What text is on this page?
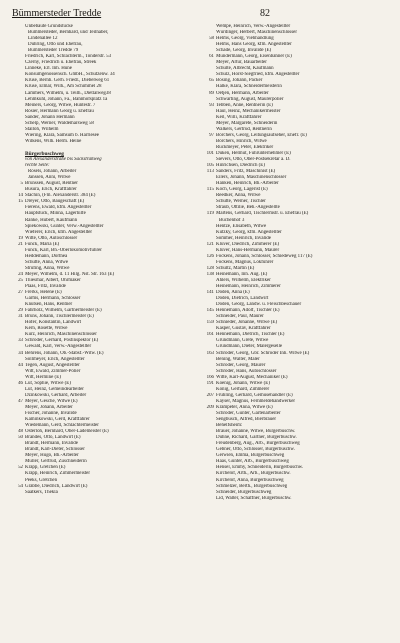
Bümmersteder Tredde	82
Unbebaute Grundstücke
Bümmersteder, Bernhard, und Teilhaber,
Lindenallee 12
Dühring, Otto und Ehefrau,
Bümmersteder Tredde 79
Friedrich, Karl, Schlachterm., Tonderstr. 53
Czerny, Friedrich u. Ehefrau, Streek
Linneke, Erl. Inh. Hüne
Konsumgenossensch. GmbH., Schützenw. 34
Kruse, Bernh. Gerh. Friedr., Diebelweg 61
Kruse, Elmar, Wilh., Am Schimmel 28
Lammers, Wilhelm, u. Teilh., Dietlalweg38
Lehmkuhl, Johann, Fa., Bahnhofsplatz 1a
Meiners, Georg, Witwe, Huntestr. 7
Rosier, Hermann Georg u. Ehefrau
Sander, Johann Hermann
Schelp, Werner, Waldemarsweg 58
Stalloh, Wilhelm
Wiering, Klara, Samsum b. Harriesee
Wilkens, Wilh. Herm. Heine
Bürgerbuschweg
von Alexanderstraße bis Sackstraßweg
rechte Seite:
Rösels, Johann, Arbeiter
Janssen, Anni, Witwe
5 Brunssen, August, Rentner
Busura, Erich, Kraftfahrer
14 Stachin, (Fm. Alexanderstr. 384 (E)
15 Dreyer, Otto, Baugeschäft (E)
Fierens, Ewald, kfm. Angestellter
Hauptstück, Minna, Lagerhilfe
Ranke, Hubert, Kaufmann
Spiekowski, Günter, Verw.-Angestellter
Wieferer, Erich, kfm. Angestellter
19 Witte, Otto, Autoschlosser
21 Funck, Maria (E)
Funck, Karl, Bh.-Oberlokomotivführer
Heddemann, Dorthea
Schutte, Anna, Witwe
Strüfing, Anna, Witwe
24 Meyer, Wilhelm, d. 11 Hilg. Nst. Str. 163 (E)
25 Thiesmar, Albert, Ohrmaker
Plaas, Fritz, Invalide
27 Frerks, Helene (E)
Garms, Hermann, Schlosser
Knutsen, Hans, Rentner
29 Fahrholz, Wilhelm, Gärtnermeister (E)
31 Bruns, Johann, Tischlermeister (E)
Hofer, Konstantin, Landwirt
Kern, Rosette, Witwe
Kurz, Heinrich, Maschinenschlosser
33 Schröder, Gerhard, Postinspektor (E)
Gewald, Karl, Verw.-Angestellter
34 Behrens, Johann, Ob.-Stabsf.-Witw. (E)
Sollmeyer, Erich, Angestellter
44 Tegen, August, Angestellter
Witt, Ewald, Zimmer-Polier
Witt, Hermine (E)
46 Lüt, Sophie, Witwe (E)
Lüt, Heinz, Gemeindearbeiter
Dzinkowski, Gerhard, Arbeiter
47 Meyer, Gesche, Witwe (E)
Meyer, Johann, Arbeiter
Fischer, Johanne, Invalide
Kamińkowski, Gerd, Kraftfahrer
Wiedemann, Gerd, Schlachtermeister
48 Osterloh, Bernhard, Ober-Lademeister (E)
50 Brandes, Otto, Landwirt (E)
Brandt, Hermann, Invalide
Brandt, Karl-Dieter, Schlosser
Meyer, Hugo, Bh.-Arbeiter
Müller, Gertrud, Zuschneiderin
52 Krapp, Gretchen (E)
Krapp, Heinrich, Zimmermeister
Peeks, Gretchen
54 Grabbe, Diedrich, Landwirt (E)
Saatkers, Thekla
Wempe, Heinrich, Verw.-Angestellter
Würdinger, Herbert, Maschinenschlosser
58 Helms, Georg, Viehhandlung
Helms, Hans Georg, kfm. Angestellter
Schade, Georg, Invalide (E)
61 Mundermann, Georg, Eisenbahner (E)
Meyer, Artur, Bauarbeiter
Schulte, Albrecht, Kaufmann
Schulz, Horst-Siegfried, kfm. Angestellter
65 Bösing, Johann, Packer
Hälke, Klara, Schneidermeisterin
89 Oetjen, Hermann, Arbeiter
Schwarting, August, Maurerpolier
93 Tebben, Anne, Rentnerin (E)
Haul, Heinz, Mechanikermeister
Keil, Willi, Kraftfahrer
Meyer, Margarete, Schneiderin
Walkers, Gertrud, Rentnerin
97 Borchers, Georg, Leitungsaufseher, Ehefr. (E)
Borchers, Hinrich, Witwe
Ruckmeyer, Peter, Elektriker
101 Duken, Helmut, Fuhrunternehmer (E)
Sievers, Otto, Ober-Postsekretär a. D.
105 Hinrichsen, Diedrich (E)
113 Sanders, Fritz, Maschinist (E)
Eilers, Johann, Maschinenschlosser
Hanken, Heinrich, Bh.-Arbeiter
115 Koch, Georg, Lagerist (E)
Reedker, Anna, Witwe
Schütte, Werner, Tischler
Straub, Ottilie, Beh.-Angestellte
119 Martens, Gerhard, Tischlermstr. u. Ehefrau (E)
Buchenhof 3
Hentze, Elisabeth, Witwe
Kutzky, Georg, kfm. Angestellter
Sommer, Heinrich, Invalide
121 Klüver, Diedrich, Zimmerer (E)
Klüver, Hans-Hermann, Maurer
126 Fockens, Johann, Schlosser, Schiedeweg 117 (E)
Fockens, Magnus, Lokführer
128 Schultz, Martin (E)
138 Heinemann, Inh. Aug. (E)
Ahlers, Wilhelm, Elektriker
Heinemann, Heinrich, Zimmerer
141 Doden, Anna (E)
Doden, Dietrich, Landwirt
Doden, Georg, Landw. u. Fleischbeschauer
145 Hennemann, Adolf, Tischler (E)
Schneider, Paul, Maurer
159 Schnieder, Johanne, Witwe (E)
Kasper, Gustav, Kraftfahrer
161 Hennemann, Dietrich, Tischler (E)
Grundmann, Grete, Witwe
Grundmann, Dieter, Malergeselle
163 Schröder, Georg, Gbr. Schröder Inh. Witwe (E)
Bening, Walter, Maler
Schröder, Georg, Maurer
Schröder, Hans, Autoschlosser
166 Witte, Karl-August, Mechaniker (E)
191 Koenig, Johann, Witwe (E)
König, Gerhard, Zimmerer
207 Frühling, Gerhard, Gemüsehändler (E)
Kayser, Magnus, Fernmeldehandwerker
209 Krampeter, Anna, Witwe (E)
Schröder, Günter, Gartenarbeiter
Sengbusch, Alfred, Bierbrauer
Behelfsheim:
Brauer, Johanne, Witwe, Bürgerbuschw.
Dühne, Richard, Gärtner, Bürgerbuschw.
Freudenberg, Aug., Arb., Bürgerbuschweg
Gebner, Otto, Schlosser, Bürgerbuschw.
Gerwien, Emma, Bürgerbuschweg
Haas, Günter, Arb., Bürgerbuschweg
Hensel, Emmy, Schneiderin, Bürgerbuschw.
Kirchelöf, Arth., Arb., Bürgerbuschw.
Kirchelöf, Anna, Bürgerbuschweg
Schmelzer, Berth., Bürgerbuschweg
Schneider, Bürgerbuschweg
Lid, Walter, Schaffner, Bürgerbuschw.
